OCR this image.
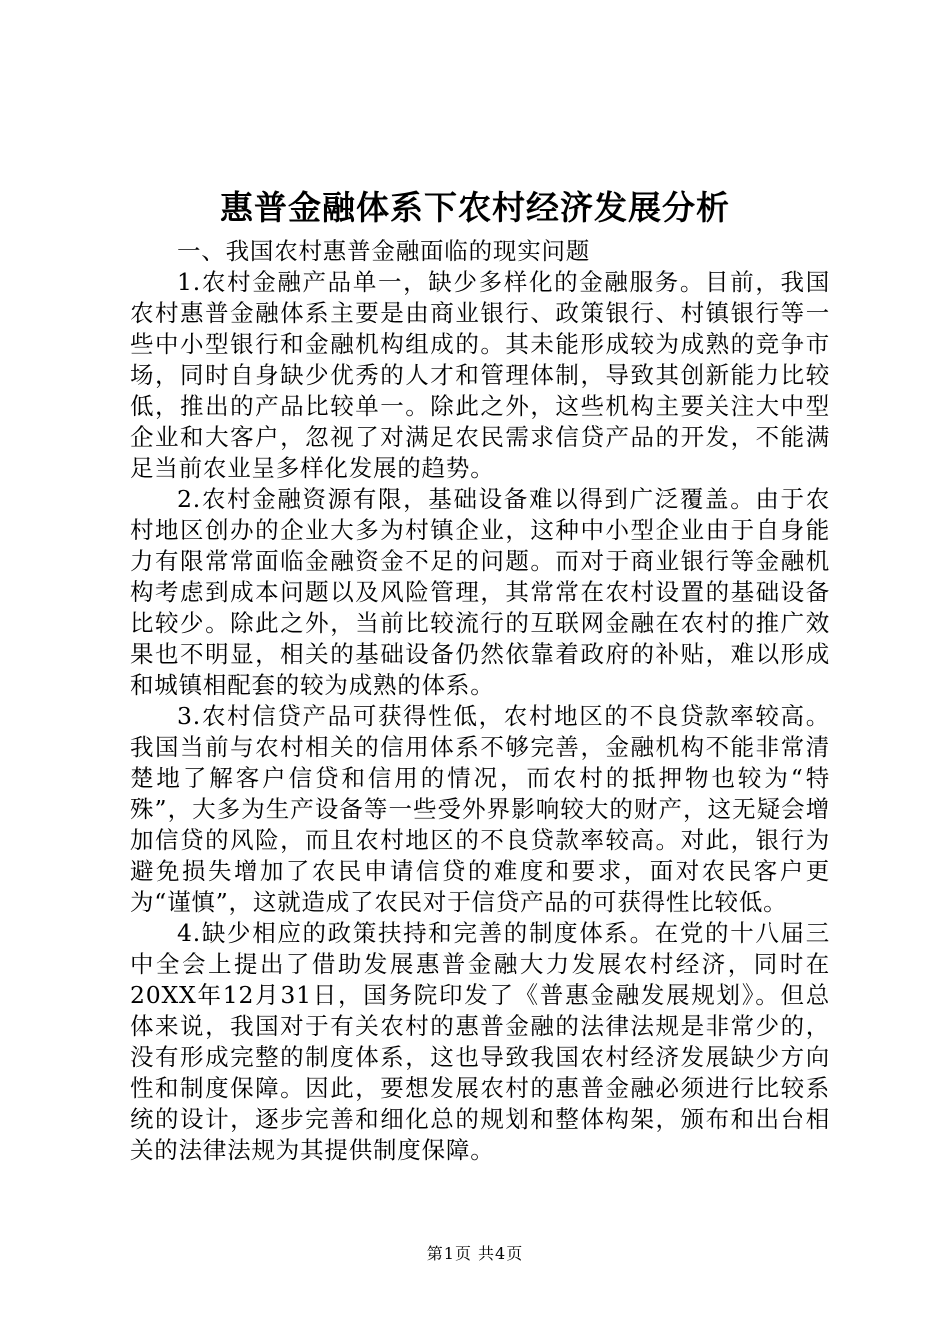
惠普金融体系下农村经济发展分析

一、我国农村惠普金融面临的现实问题

1.农村金融产品单一，缺少多样化的金融服务。目前，我国农村惠普金融体系主要是由商业银行、政策银行、村镇银行等一些中小型银行和金融机构组成的。其未能形成较为成熟的竞争市场，同时自身缺少优秀的人才和管理体制，导致其创新能力比较低，推出的产品比较单一。除此之外，这些机构主要关注大中型企业和大客户，忽视了对满足农民需求信贷产品的开发，不能满足当前农业呈多样化发展的趋势。

2.农村金融资源有限，基础设备难以得到广泛覆盖。由于农村地区创办的企业大多为村镇企业，这种中小型企业由于自身能力有限常常面临金融资金不足的问题。而对于商业银行等金融机构考虑到成本问题以及风险管理，其常常在农村设置的基础设备比较少。除此之外，当前比较流行的互联网金融在农村的推广效果也不明显，相关的基础设备仍然依靠着政府的补贴，难以形成和城镇相配套的较为成熟的体系。

3.农村信贷产品可获得性低，农村地区的不良贷款率较高。我国当前与农村相关的信用体系不够完善，金融机构不能非常清楚地了解客户信贷和信用的情况，而农村的抵押物也较为“特殊”，大多为生产设备等一些受外界影响较大的财产，这无疑会增加信贷的风险，而且农村地区的不良贷款率较高。对此，银行为避免损失增加了农民申请信贷的难度和要求，面对农民客户更为“谨慎”，这就造成了农民对于信贷产品的可获得性比较低。

4.缺少相应的政策扶持和完善的制度体系。在党的十八届三中全会上提出了借助发展惠普金融大力发展农村经济，同时在20XX年12月31日，国务院印发了《普惠金融发展规划》。但总体来说，我国对于有关农村的惠普金融的法律法规是非常少的，没有形成完整的制度体系，这也导致我国农村经济发展缺少方向性和制度保障。因此，要想发展农村的惠普金融必须进行比较系统的设计，逐步完善和细化总的规划和整体构架，颁布和出台相关的法律法规为其提供制度保障。

第1页 共4页
